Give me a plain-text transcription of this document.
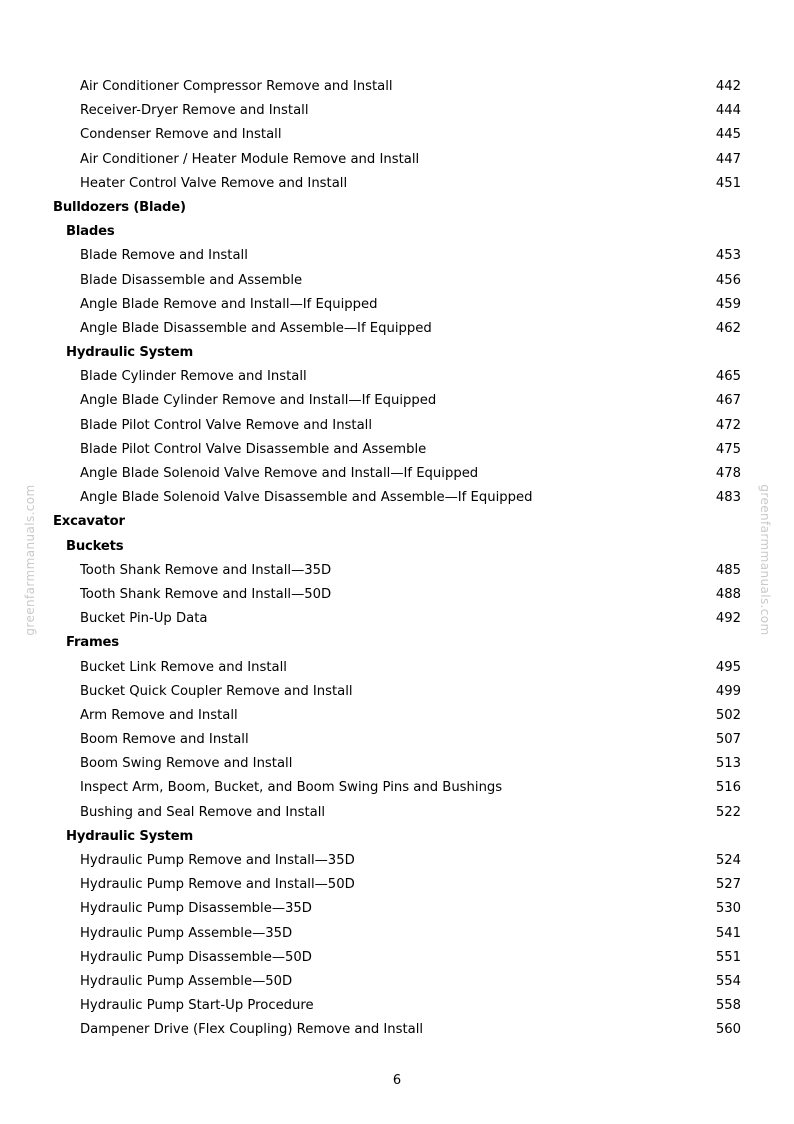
greenfarmmanuals.com	greenfarmmanuals.com
Air Conditioner Compressor Remove and Install	442
Receiver-Dryer Remove and Install	444
Condenser Remove and Install	445
Air Conditioner / Heater Module Remove and Install	447
Heater Control Valve Remove and Install	451
Bulldozers (Blade)
Blades
Blade Remove and Install	453
Blade Disassemble and Assemble	456
Angle Blade Remove and Install—If Equipped	459
Angle Blade Disassemble and Assemble—If Equipped	462
Hydraulic System
Blade Cylinder Remove and Install	465
Angle Blade Cylinder Remove and Install—If Equipped	467
Blade Pilot Control Valve Remove and Install	472
Blade Pilot Control Valve Disassemble and Assemble	475
Angle Blade Solenoid Valve Remove and Install—If Equipped	478
Angle Blade Solenoid Valve Disassemble and Assemble—If Equipped	483
Excavator
Buckets
Tooth Shank Remove and Install—35D	485
Tooth Shank Remove and Install—50D	488
Bucket Pin-Up Data	492
Frames
Bucket Link Remove and Install	495
Bucket Quick Coupler Remove and Install	499
Arm Remove and Install	502
Boom Remove and Install	507
Boom Swing Remove and Install	513
Inspect Arm, Boom, Bucket, and Boom Swing Pins and Bushings	516
Bushing and Seal Remove and Install	522
Hydraulic System
Hydraulic Pump Remove and Install—35D	524
Hydraulic Pump Remove and Install—50D	527
Hydraulic Pump Disassemble—35D	530
Hydraulic Pump Assemble—35D	541
Hydraulic Pump Disassemble—50D	551
Hydraulic Pump Assemble—50D	554
Hydraulic Pump Start-Up Procedure	558
Dampener Drive (Flex Coupling) Remove and Install	560
6
